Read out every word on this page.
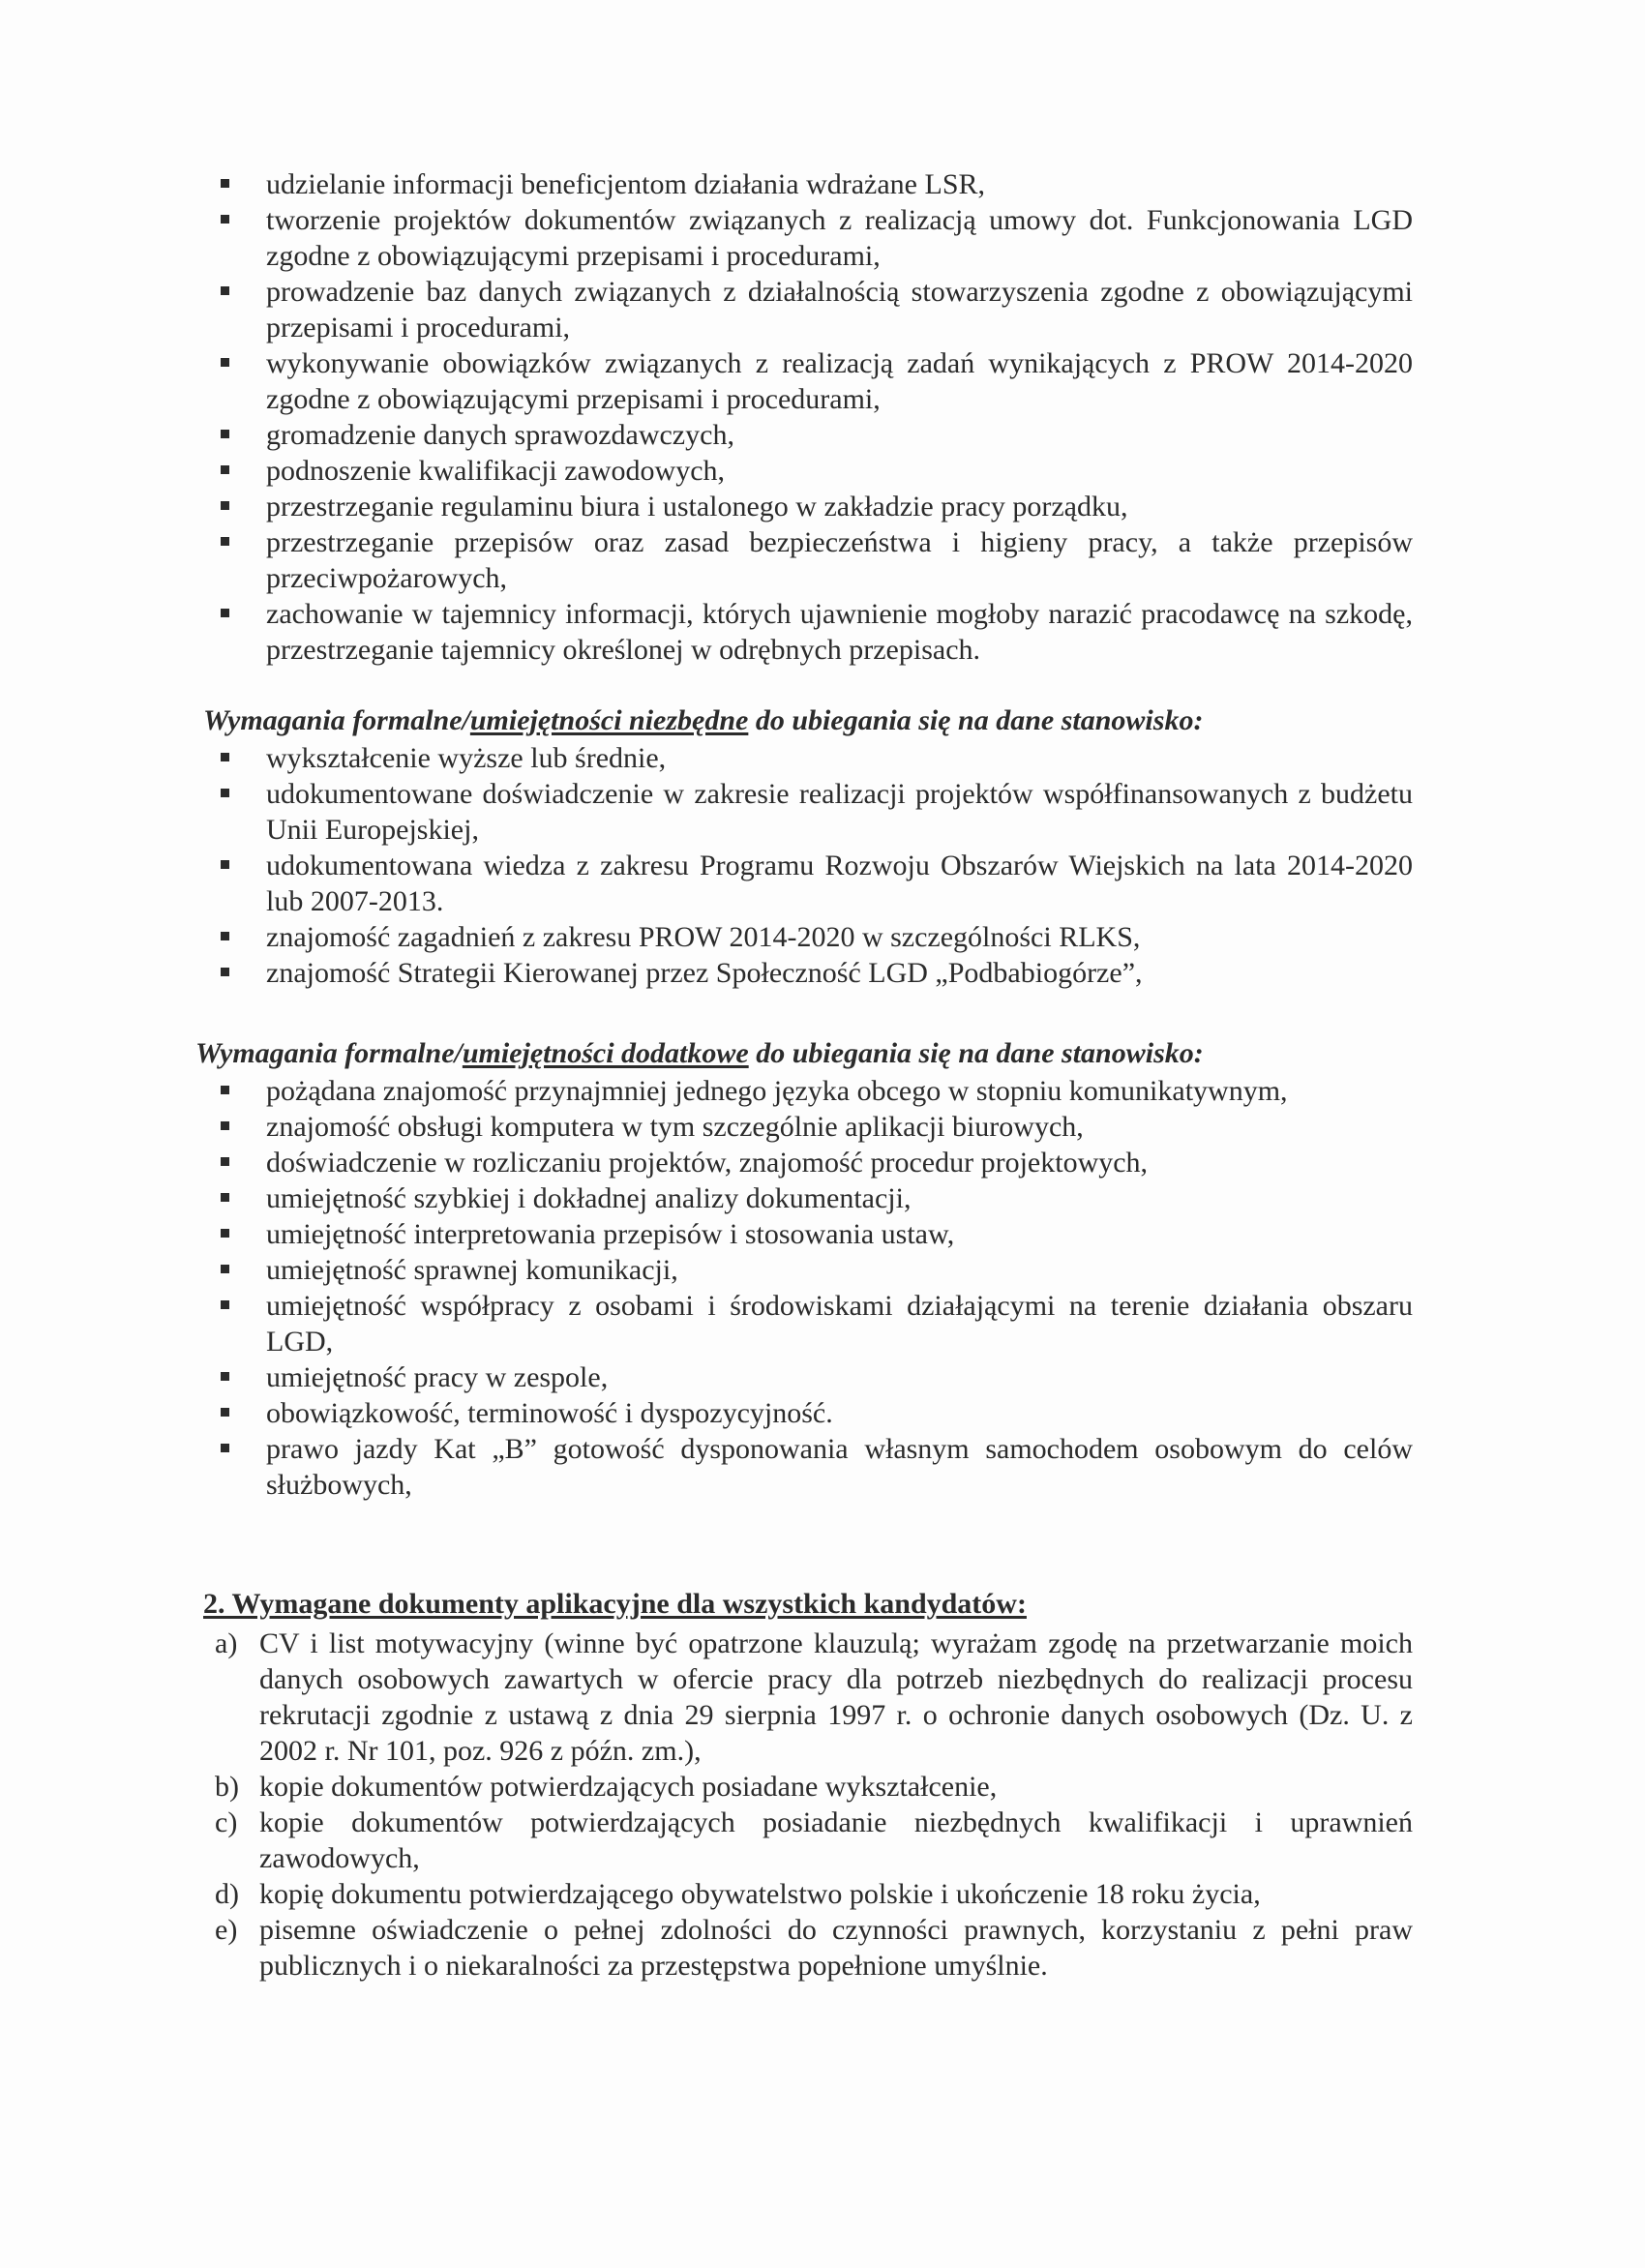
udzielanie informacji beneficjentom działania wdrażane LSR,
tworzenie projektów dokumentów związanych z realizacją umowy dot. Funkcjonowania LGD zgodne z obowiązującymi przepisami i procedurami,
prowadzenie baz danych związanych z działalnością stowarzyszenia zgodne z obowiązującymi przepisami i procedurami,
wykonywanie obowiązków związanych z realizacją zadań wynikających z PROW 2014-2020 zgodne z obowiązującymi przepisami i procedurami,
gromadzenie danych sprawozdawczych,
podnoszenie kwalifikacji zawodowych,
przestrzeganie regulaminu biura i ustalonego w zakładzie pracy porządku,
przestrzeganie przepisów oraz zasad bezpieczeństwa i higieny pracy, a także przepisów przeciwpożarowych,
zachowanie w tajemnicy informacji, których ujawnienie mogłoby narazić pracodawcę na szkodę, przestrzeganie tajemnicy określonej w odrębnych przepisach.

Wymagania formalne/umiejętności niezbędne do ubiegania się na dane stanowisko:

wykształcenie wyższe lub średnie,
udokumentowane doświadczenie w zakresie realizacji projektów współfinansowanych z budżetu Unii Europejskiej,
udokumentowana wiedza z zakresu Programu Rozwoju Obszarów Wiejskich na lata 2014-2020 lub 2007-2013.
znajomość zagadnień z zakresu PROW 2014-2020 w szczególności RLKS,
znajomość Strategii Kierowanej przez Społeczność LGD „Podbabiogórze”,

Wymagania formalne/umiejętności dodatkowe do ubiegania się na dane stanowisko:

pożądana znajomość przynajmniej jednego języka obcego w stopniu komunikatywnym,
znajomość obsługi komputera w tym szczególnie aplikacji biurowych,
doświadczenie w rozliczaniu projektów, znajomość procedur projektowych,
umiejętność szybkiej i dokładnej analizy dokumentacji,
umiejętność interpretowania przepisów i stosowania ustaw,
umiejętność sprawnej komunikacji,
umiejętność współpracy z osobami i środowiskami działającymi na terenie działania obszaru LGD,
umiejętność pracy w zespole,
obowiązkowość, terminowość i dyspozycyjność.
prawo jazdy Kat „B” gotowość dysponowania własnym samochodem osobowym do celów służbowych,

2. Wymagane dokumenty aplikacyjne dla wszystkich kandydatów:

a) CV i list motywacyjny (winne być opatrzone klauzulą; wyrażam zgodę na przetwarzanie moich danych osobowych zawartych w ofercie pracy dla potrzeb niezbędnych do realizacji procesu rekrutacji zgodnie z ustawą z dnia 29 sierpnia 1997 r. o ochronie danych osobowych (Dz. U. z 2002 r. Nr 101, poz. 926 z późn. zm.),
b) kopie dokumentów potwierdzających posiadane wykształcenie,
c) kopie dokumentów potwierdzających posiadanie niezbędnych kwalifikacji i uprawnień zawodowych,
d) kopię dokumentu potwierdzającego obywatelstwo polskie i ukończenie 18 roku życia,
e) pisemne oświadczenie o pełnej zdolności do czynności prawnych, korzystaniu z pełni praw publicznych i o niekaralności za przestępstwa popełnione umyślnie.
